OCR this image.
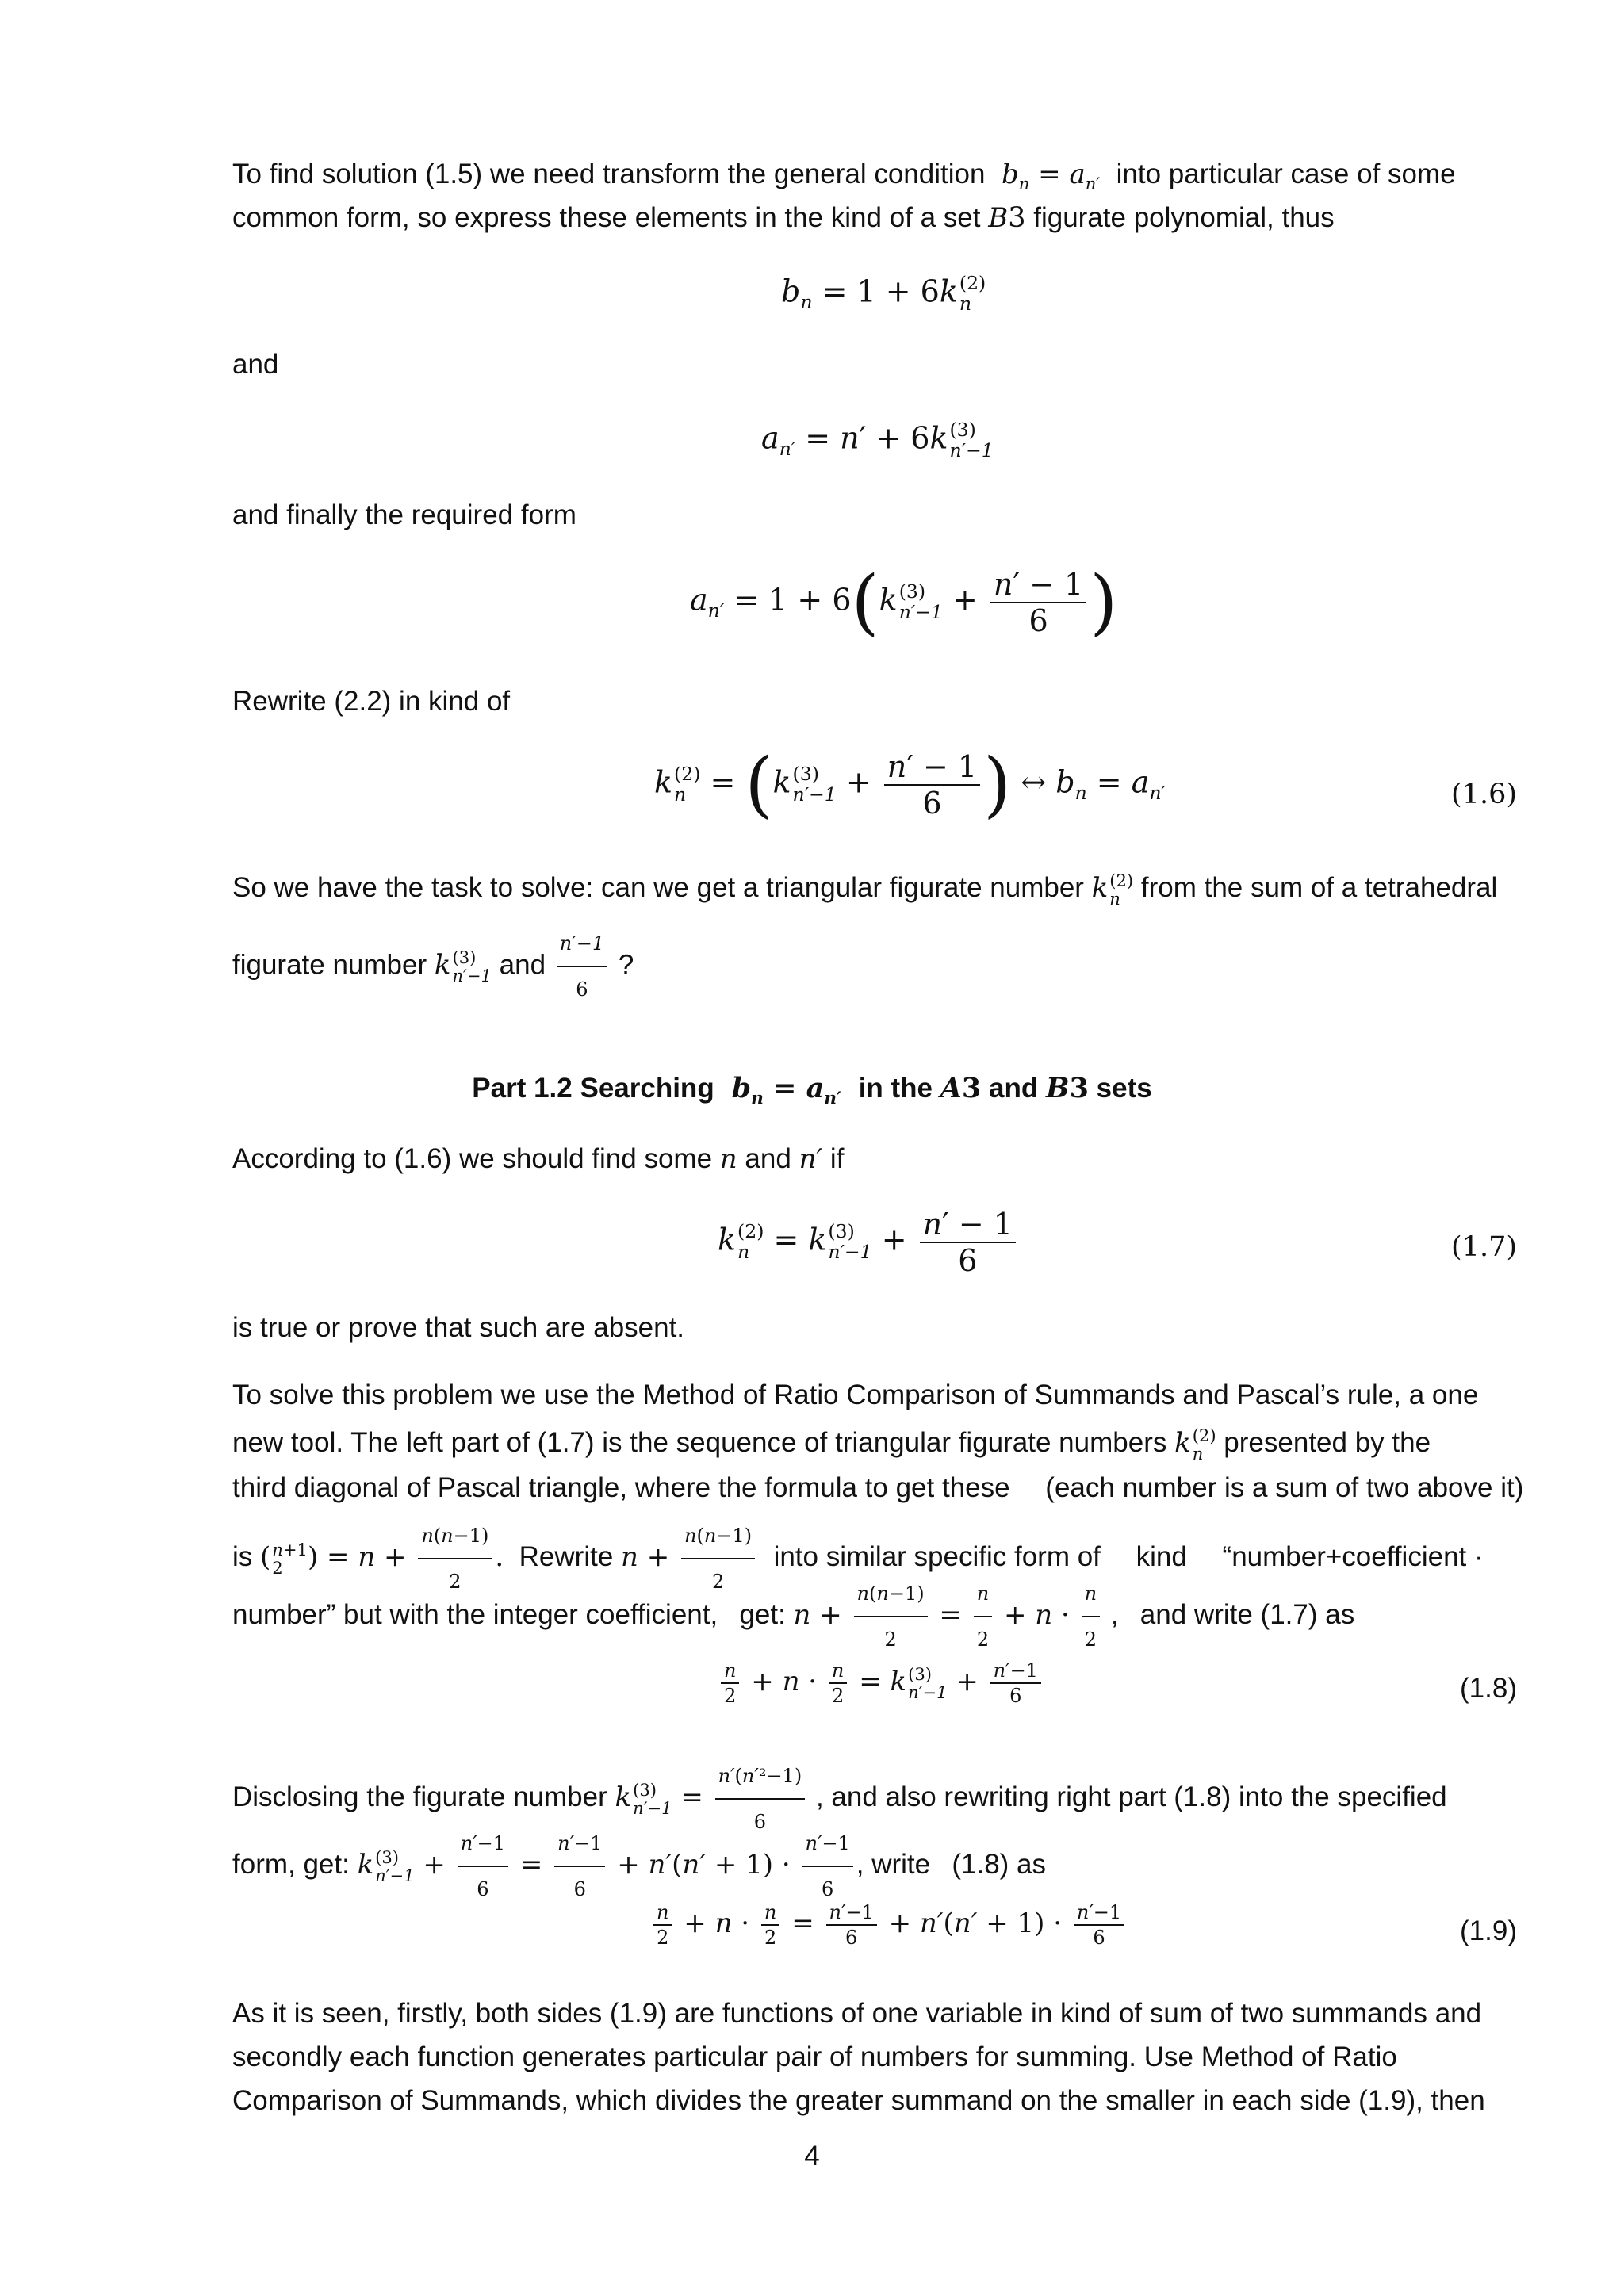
To find solution (1.5) we need transform the general condition  $b_n = a_{n'}$ into particular case of some
common form, so express these elements in the kind of a set B3 figurate polynomial, thus
$b_n = 1 + 6k$ (2)
n
and
$a_{n'} = n' + 6k$ (3)
n′−1
and finally the required form
$a_{n'} = 1 + 6(k$ (3)
$n'-1 + \frac{n' - 1}{6}$ )
Rewrite (2.2) in kind of
k (2)
n = (k (3)
$n'-1 + \frac{n' - 1}{6}$ ) ↔ $b_n = a_{n'}$	(1.6)
So we have the task to solve: can we get a triangular figurate number k (2)
n from the sum of a tetrahedral
figurate number k (3)
n′−1 and $\frac{n'-1}{6}$ ?
Part 1.2 Searching  $b_n = a_{n'}$ in the A3 and B3 sets
According to (1.6) we should find some n and n′ if
k (2)
n = k (3)
$n'-1 + \frac{n' - 1}{6}$	(1.7)
is true or prove that such are absent.
To solve this problem we use the Method of Ratio Comparison of Summands and Pascal’s rule, a one
new tool. The left part of (1.7) is the sequence of triangular figurate numbers k (2)
n presented by the
third diagonal of Pascal triangle, where the formula to get these  (each number is a sum of two above it)
is ( n+1
2 ) = $n + \frac{n(n-1)}{2}$ . Rewrite $n + \frac{n(n-1)}{2}$ into similar specific form of  kind  “number+coefficient ·
number” but with the integer coefficient,  get: $n + \frac{n(n-1)}{2} = \frac{n}{2} + n \cdot \frac{n}{2}$ ,  and write (1.7) as
$\frac{n}{2} + n \cdot \frac{n}{2} = k$ (3)
$n'-1 + \frac{n'-1}{6}$	(1.8)
Disclosing the figurate number k (3)
$n'-1 = \frac{\text{n′(n′²−1)}}{6}$ , and also rewriting right part (1.8) into the specified
form, get: k (3)
$n'-1 + \frac{n'-1}{6} = \frac{n'-1}{6} + n'(n' + 1) \cdot \frac{n'-1}{6}$ , write  (1.8) as
$\frac{n}{2} + n \cdot \frac{n}{2} = \frac{n'-1}{6} + n'(n' + 1) \cdot \frac{n'-1}{6}$	(1.9)
As it is seen, firstly, both sides (1.9) are functions of one variable in kind of sum of two summands and
secondly each function generates particular pair of numbers for summing. Use Method of Ratio
Comparison of Summands, which divides the greater summand on the smaller in each side (1.9), then
4
